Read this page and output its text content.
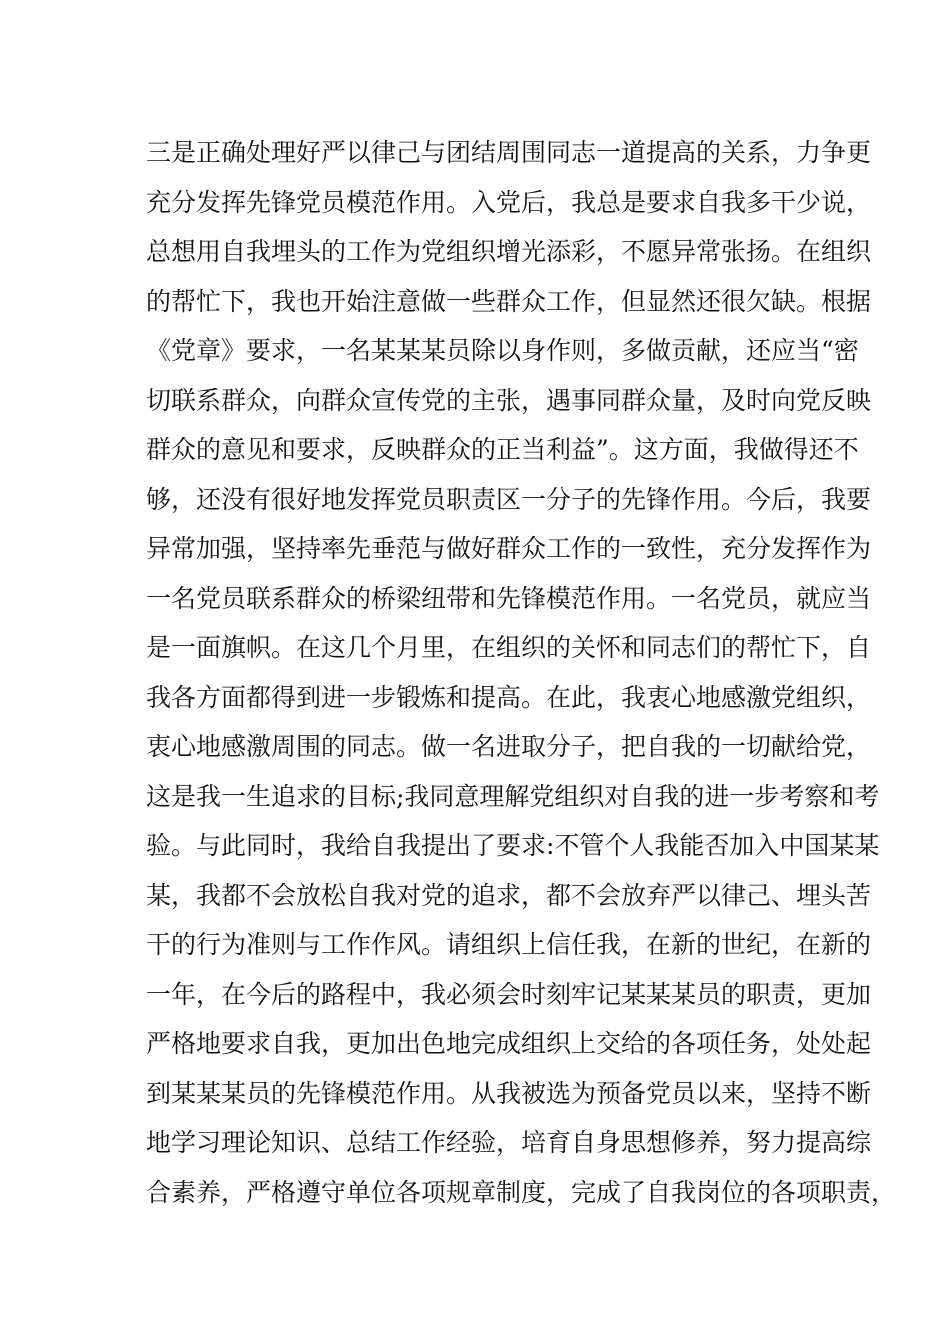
三是正确处理好严以律己与团结周围同志一道提高的关系，力争更
充分发挥先锋党员模范作用。入党后，我总是要求自我多干少说，
总想用自我埋头的工作为党组织增光添彩，不愿异常张扬。在组织
的帮忙下，我也开始注意做一些群众工作，但显然还很欠缺。根据
《党章》要求，一名某某某员除以身作则，多做贡献，还应当“密
切联系群众，向群众宣传党的主张，遇事同群众量，及时向党反映
群众的意见和要求，反映群众的正当利益”。这方面，我做得还不
够，还没有很好地发挥党员职责区一分子的先锋作用。今后，我要
异常加强，坚持率先垂范与做好群众工作的一致性，充分发挥作为
一名党员联系群众的桥梁纽带和先锋模范作用。一名党员，就应当
是一面旗帜。在这几个月里，在组织的关怀和同志们的帮忙下，自
我各方面都得到进一步锻炼和提高。在此，我衷心地感激党组织，
衷心地感激周围的同志。做一名进取分子，把自我的一切献给党，
这是我一生追求的目标;我同意理解党组织对自我的进一步考察和考
验。与此同时，我给自我提出了要求:不管个人我能否加入中国某某
某，我都不会放松自我对党的追求，都不会放弃严以律己、埋头苦
干的行为准则与工作作风。请组织上信任我，在新的世纪，在新的
一年，在今后的路程中，我必须会时刻牢记某某某员的职责，更加
严格地要求自我，更加出色地完成组织上交给的各项任务，处处起
到某某某员的先锋模范作用。从我被选为预备党员以来，坚持不断
地学习理论知识、总结工作经验，培育自身思想修养，努力提高综
合素养，严格遵守单位各项规章制度，完成了自我岗位的各项职责，
